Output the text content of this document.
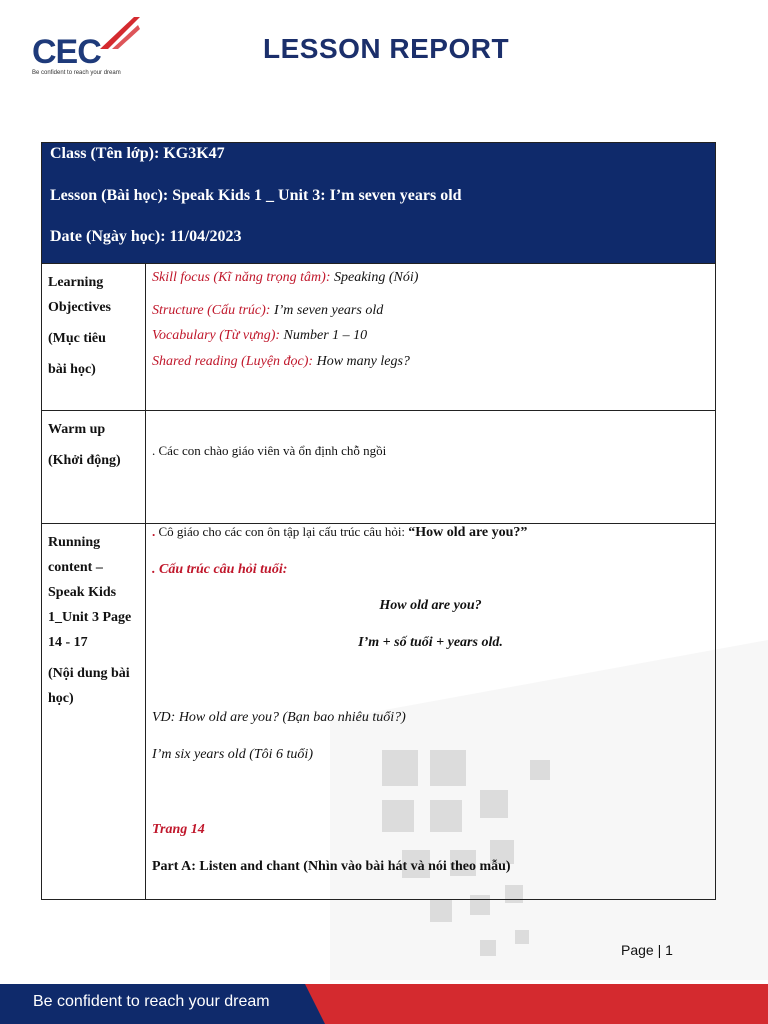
CEC
Be confident to reach your dream
LESSON REPORT
Class (Tên lớp): KG3K47
Lesson (Bài học): Speak Kids 1 _ Unit 3: I’m seven years old
Date (Ngày học): 11/04/2023
Learning Objectives
(Mục tiêu
bài học)
Skill focus (Kĩ năng trọng tâm): Speaking (Nói)
Structure (Cấu trúc): I’m seven years old
Vocabulary (Từ vựng): Number 1 – 10
Shared reading (Luyện đọc): How many legs?
Warm up
(Khởi động)
. Các con chào giáo viên và ổn định chỗ ngồi
Running content – Speak Kids 1_Unit 3 Page 14 - 17
(Nội dung bài học)
. Cô giáo cho các con ôn tập lại cấu trúc câu hỏi: “How old are you?”
. Cấu trúc câu hỏi tuổi:
How old are you?
I’m + số tuổi + years old.
VD: How old are you? (Bạn bao nhiêu tuổi?)
I’m six years old (Tôi 6 tuổi)
Trang 14
Part A: Listen and chant (Nhìn vào bài hát và nói theo mẫu)
Page | 1
Be confident to reach your dream
